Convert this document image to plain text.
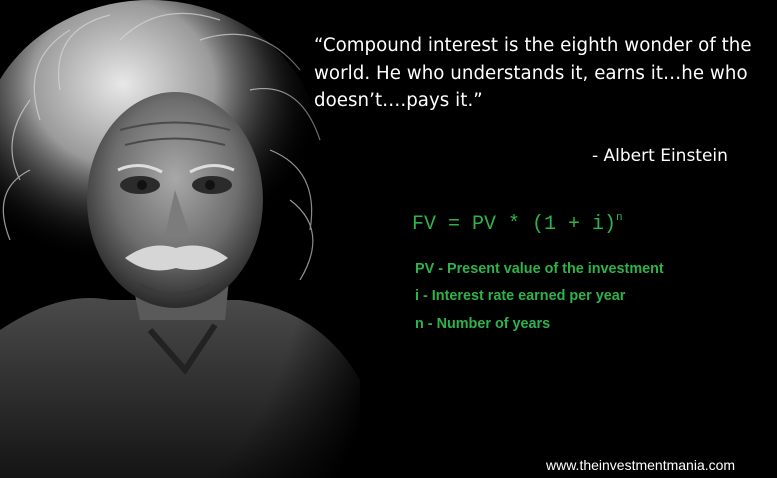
“Compound interest is the eighth wonder of the
world. He who understands it, earns it…he who
doesn’t….pays it.”

- Albert Einstein
FV = PV * $(1 + i)^n$
PV - Present value of the investment
i - Interest rate earned per year
n - Number of years
www.theinvestmentmania.com
